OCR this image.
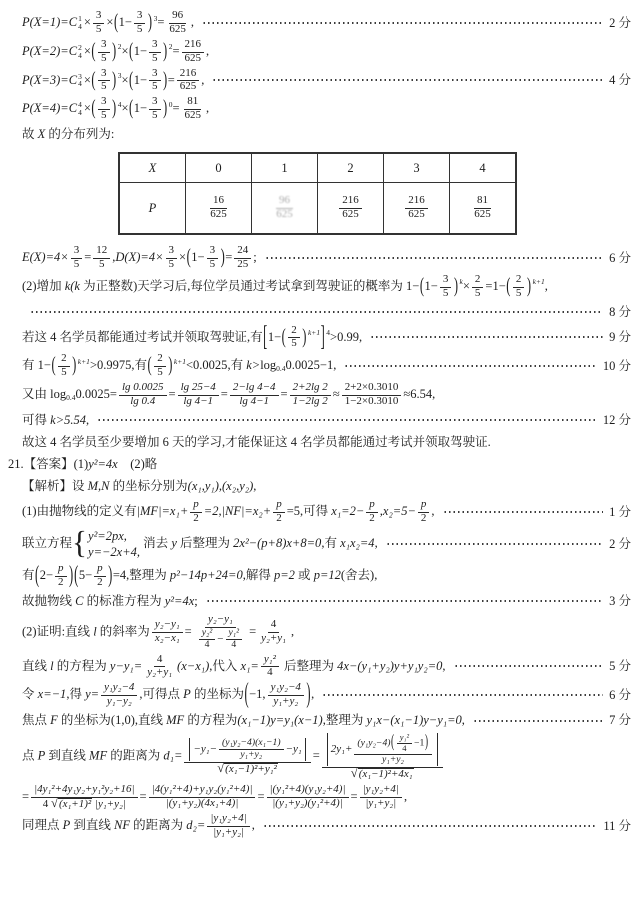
P(X=1)=C 1
$4 \times \frac{3}{5} \times(1- \frac{3}{5}$ ) $3= \frac{96}{625}$ ,	2 分
P(X=2)=C 2
4 ×( $\frac{3}{5}$ ) $2\times(1- \frac{3}{5}$ ) $2= \frac{216}{625}$ ,
P(X=3)=C 3
4 ×( $\frac{3}{5}$ ) $3\times(1- \frac{3}{5}$ )= $\frac{216}{625}$ ,	4 分
P(X=4)=C 4
4 ×( $\frac{3}{5}$ ) $4\times(1- \frac{3}{5}$ ) $0= \frac{81}{625}$ ,
故 X 的分布列为:
X	0	1	2	3	4
P	$\frac{16}{625}$	$\frac{96}{625}$	$\frac{216}{625}$	$\frac{216}{625}$	$\frac{81}{625}$
$E(X)=4\times \frac{3}{5} = \frac{12}{5} ,D(X)=4\times \frac{3}{5} \times(1- \frac{3}{5}$ )= $\frac{24}{25}$ ;	6 分
(2)增加 k(k 为正整数)天学习后,每位学员通过考试拿到驾驶证的概率为 $1-(1- \frac{3}{5}$ ) $k\times \frac{2}{5} =1-( \frac{2}{5}$ ) k+1,
8 分
若这 4 名学员都能通过考试并领取驾驶证,有[$1-( \frac{2}{5}$ ) k+1] 4>0.99,	9 分
有 $1-( \frac{2}{5}$ ) k+1>0.9975,有( $\frac{2}{5}$ ) k+1<0.0025,有 k>log0.40.0025−1,	10 分
又由 $\log 0.40.0025= \frac{\lg 0.0025}{\lg 0.4} = \frac{\lg 25-4}{\lg 4-1} = \frac{2-\lg 4-4}{\lg 4-1} = \frac{2+2\lg 2}{1-2\lg 2} \approx \frac{2+2\times 0.3010}{1-2\times 0.3010} \approx 6.54$,
可得 k>5.54,	12 分
故这 4 名学员至少要增加 6 天的学习,才能保证这 4 名学员都能通过考试并领取驾驶证.
21.【答案】(1)y²=4x　(2)略
【解析】设 M,N 的坐标分别为(x₁,y₁),(x₂,y₂),
(1)由抛物线的定义有$|MF|=x_1+ \frac{p}{2} =2,|NF|=x_2+ \frac{p}{2} =5$,可得 $x_1=2- \frac{p}{2} ,x_2=5- \frac{p}{2}$ ,	1 分
联立方程 { y²=2px,
y=−2x+4,
消去 y 后整理为 2x²−(p+8)x+8=0,有 x₁x₂=4,	2 分
有$(2- \frac{p}{2} )(5- \frac{p}{2} )=4$,整理为 p²−14p+24=0,解得 p=2 或 p=12(舍去),
故抛物线 C 的标准方程为 y²=4x;	3 分
(2)证明:直线 l 的斜率为 $\frac{\text{y₂−y₁}}{\text{x₂−x₁}} = \frac{\text{y₂−y₁}}{\frac{\text{y₂²}}{4} - \frac{\text{y₁²}}{4}} = \frac{4}{\text{y₂+y₁}}$ ,
直线 l 的方程为 $y-y_1= \frac{4}{\text{y₂+y₁}} (x-x_1)$,代入 $x_1= \frac{\text{y₁²}}{4}$ 后整理为 4x−(y₁+y₂)y+y₁y₂=0,	5 分
令 x=−1,得 $y= \frac{\text{y₁y₂−4}}{\text{y₁−y₂}}$ ,可得点 P 的坐标为(−1, $\frac{\text{y₁y₂−4}}{\text{y₁+y₂}}$ ),	6 分
焦点 F 的坐标为(1,0),直线 MF 的方程为(x₁−1)y=y₁(x−1),整理为 y₁x−(x₁−1)y−y₁=0,	7 分
点 P 到直线 MF 的距离为 $d_1= \frac{-y_1- \frac{\text{(y₁y₂−4)(x₁−1)}}{\text{y₁+y₂}} -y_1}{\text{√ (x₁−1)²+y₁²}} = \frac{2y_1+ \frac{(y_1y_2-4)( \frac{\text{y₁²}}{4} -1)}{\text{y₁+y₂}}}{\text{√ (x₁−1)²+4x₁}}$
= $\frac{\text{|4y₁²+4y₁y₂+y₁²y₂+16|}}{\text{4 √ (x₁+1)² |y₁+y₂|}} = \frac{\text{|4(y₁²+4)+y₁y₂(y₁²+4)|}}{\text{|(y₁+y₂)(4x₁+4)|}} = \frac{\text{|(y₁²+4)(y₁y₂+4)|}}{\text{|(y₁+y₂)(y₁²+4)|}} = \frac{\text{|y₁y₂+4|}}{\text{|y₁+y₂|}}$ ,
同理点 P 到直线 NF 的距离为 $d_2= \frac{\text{|y₁y₂+4|}}{\text{|y₁+y₂|}}$ ,	11 分
